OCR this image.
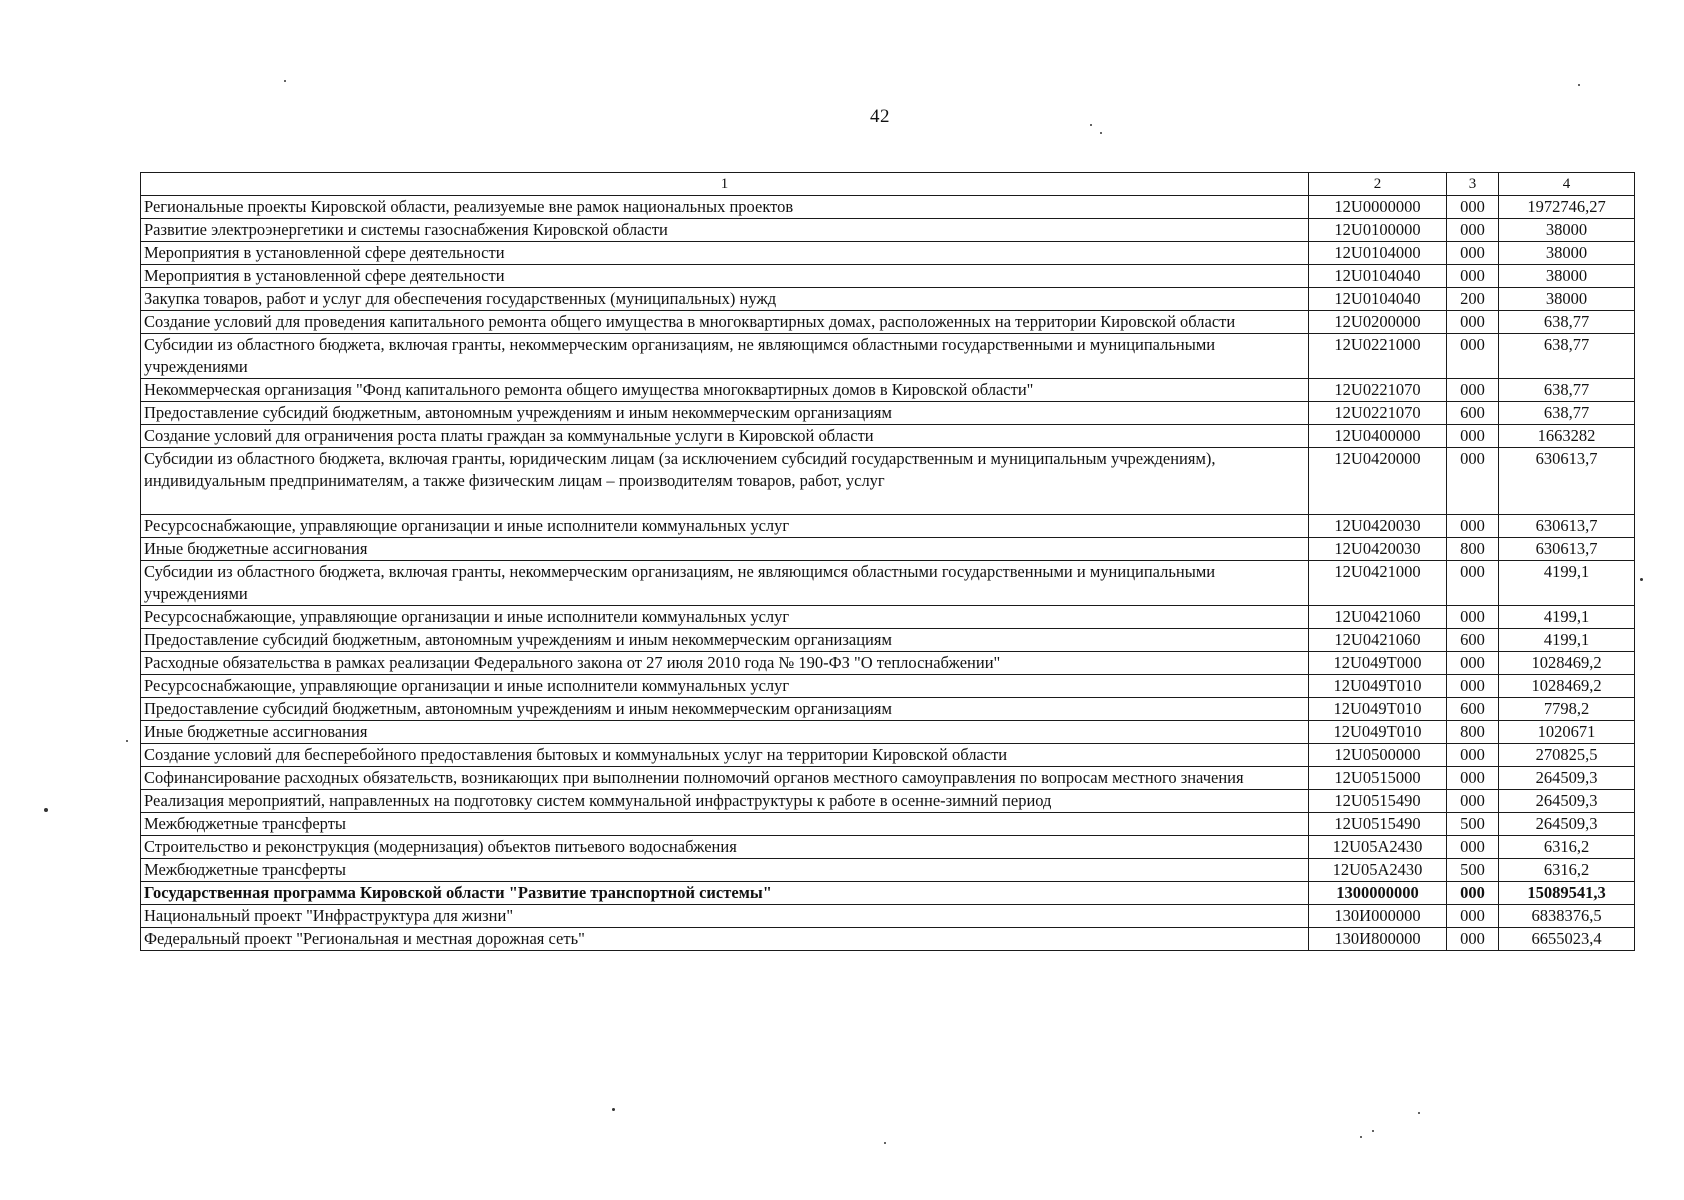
42
1	2	3	4
Региональные проекты Кировской области, реализуемые вне рамок национальных проектов	12U0000000	000	1972746,27
Развитие электроэнергетики и системы газоснабжения Кировской области	12U0100000	000	38000
Мероприятия в установленной сфере деятельности	12U0104000	000	38000
Мероприятия в установленной сфере деятельности	12U0104040	000	38000
Закупка товаров, работ и услуг для обеспечения государственных (муниципальных) нужд	12U0104040	200	38000
Создание условий для проведения капитального ремонта общего имущества в многоквартирных домах, расположенных на территории Кировской области	12U0200000	000	638,77
Субсидии из областного бюджета, включая гранты, некоммерческим организациям, не являющимся областными государственными и муниципальными учреждениями	12U0221000	000	638,77
Некоммерческая организация "Фонд капитального ремонта общего имущества многоквартирных домов в Кировской области"	12U0221070	000	638,77
Предоставление субсидий бюджетным, автономным учреждениям и иным некоммерческим организациям	12U0221070	600	638,77
Создание условий для ограничения роста платы граждан за коммунальные услуги в Кировской области	12U0400000	000	1663282
Субсидии из областного бюджета, включая гранты, юридическим лицам (за исключением субсидий государственным и муниципальным учреждениям), индивидуальным предпринимателям, а также физическим лицам – производителям товаров, работ, услуг	12U0420000	000	630613,7
Ресурсоснабжающие, управляющие организации и иные исполнители коммунальных услуг	12U0420030	000	630613,7
Иные бюджетные ассигнования	12U0420030	800	630613,7
Субсидии из областного бюджета, включая гранты, некоммерческим организациям, не являющимся областными государственными и муниципальными учреждениями	12U0421000	000	4199,1
Ресурсоснабжающие, управляющие организации и иные исполнители коммунальных услуг	12U0421060	000	4199,1
Предоставление субсидий бюджетным, автономным учреждениям и иным некоммерческим организациям	12U0421060	600	4199,1
Расходные обязательства в рамках реализации Федерального закона от 27 июля 2010 года № 190-ФЗ "О теплоснабжении"	12U049T000	000	1028469,2
Ресурсоснабжающие, управляющие организации и иные исполнители коммунальных услуг	12U049T010	000	1028469,2
Предоставление субсидий бюджетным, автономным учреждениям и иным некоммерческим организациям	12U049T010	600	7798,2
Иные бюджетные ассигнования	12U049T010	800	1020671
Создание условий для бесперебойного предоставления бытовых и коммунальных услуг на территории Кировской области	12U0500000	000	270825,5
Софинансирование расходных обязательств, возникающих при выполнении полномочий органов местного самоуправления по вопросам местного значения	12U0515000	000	264509,3
Реализация мероприятий, направленных на подготовку систем коммунальной инфраструктуры к работе в осенне-зимний период	12U0515490	000	264509,3
Межбюджетные трансферты	12U0515490	500	264509,3
Строительство и реконструкция (модернизация) объектов питьевого водоснабжения	12U05A2430	000	6316,2
Межбюджетные трансферты	12U05A2430	500	6316,2
Государственная программа Кировской области "Развитие транспортной системы"	1300000000	000	15089541,3
Национальный проект "Инфраструктура для жизни"	130И000000	000	6838376,5
Федеральный проект "Региональная и местная дорожная сеть"	130И800000	000	6655023,4
